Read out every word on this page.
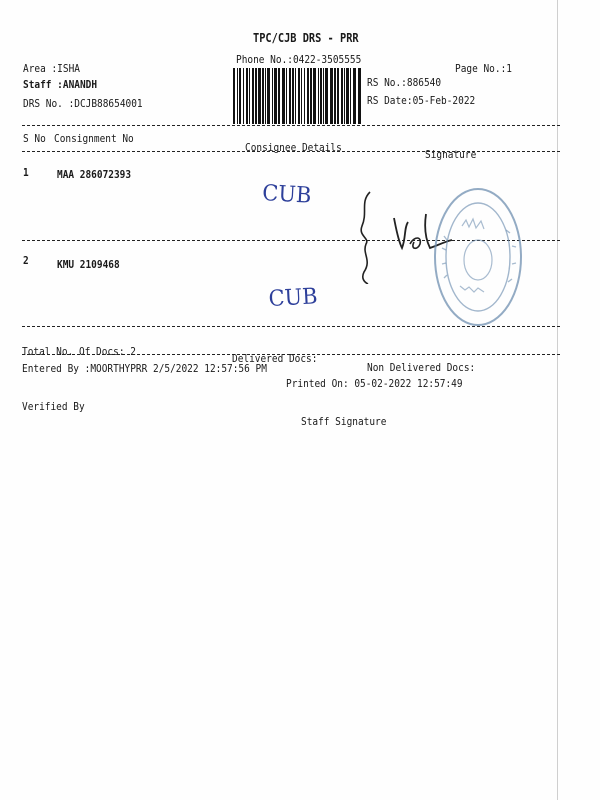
TPC/CJB DRS - PRR
Phone No.:0422-3505555
Page No.:1
Area :ISHA
Staff :ANANDH
DRS No. :DCJB88654001
RS No.:886540
RS Date:05-Feb-2022
S No Consignment No
Consignee Details
Signature
1	MAA 286072393
CUB
2	KMU 2109468
CUB
Total No. Of Docs: 2
Delivered Docs:
Non Delivered Docs:
Entered By :MOORTHYPRR 2/5/2022 12:57:56 PM
Printed On: 05-02-2022 12:57:49
Verified By
Staff Signature
